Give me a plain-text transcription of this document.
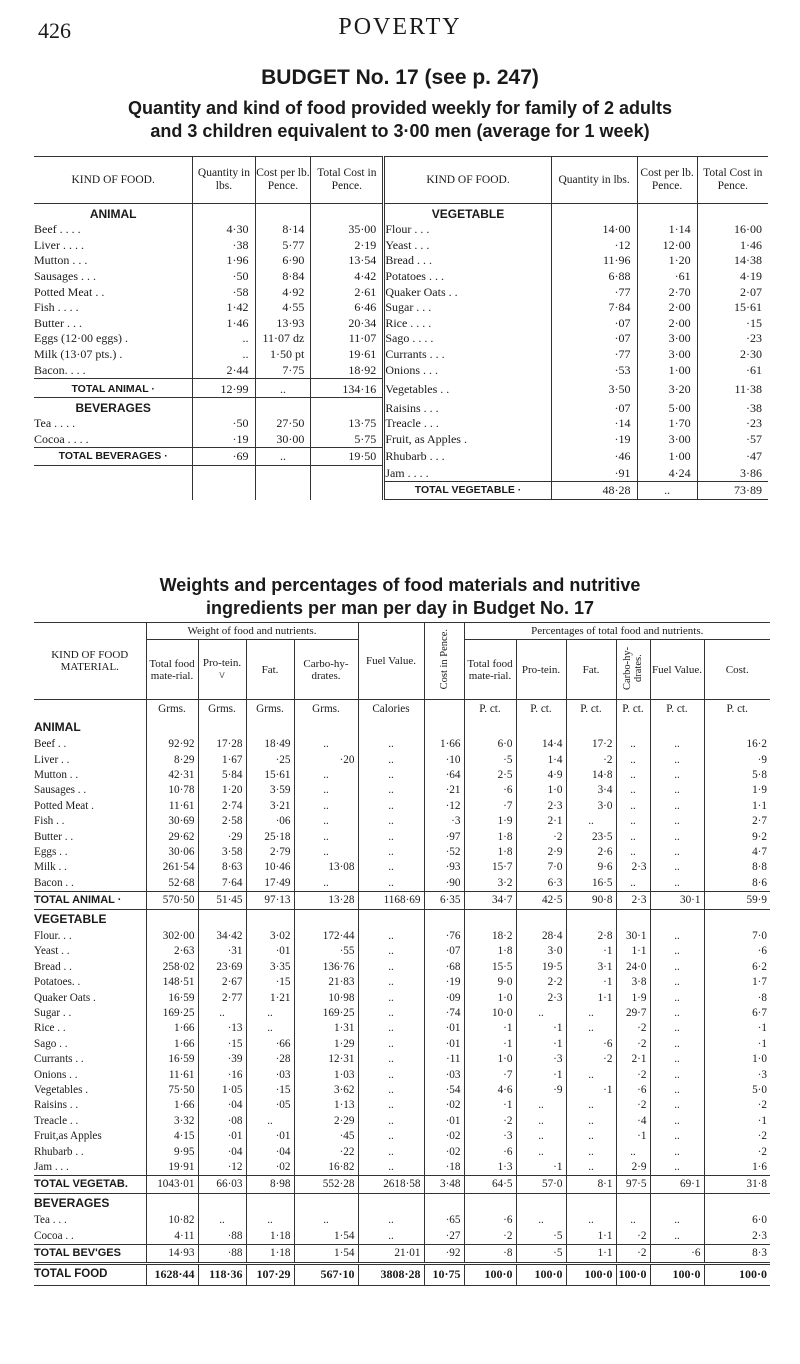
426	POVERTY
BUDGET No. 17 (see p. 247)
Quantity and kind of food provided weekly for family of 2 adults
and 3 children equivalent to 3·00 men (average for 1 week)
KIND OF FOOD.	Quantity in lbs.	Cost per lb. Pence.	Total Cost in Pence.	KIND OF FOOD.	Quantity in lbs.	Cost per lb. Pence.	Total Cost in Pence.
ANIMAL				VEGETABLE			
Beef . . . .	4·30	8·14	35·00	Flour . . .	14·00	1·14	16·00
Liver . . . .	·38	5·77	2·19	Yeast . . .	·12	12·00	1·46
Mutton . . .	1·96	6·90	13·54	Bread . . .	11·96	1·20	14·38
Sausages . . .	·50	8·84	4·42	Potatoes . . .	6·88	·61	4·19
Potted Meat . .	·58	4·92	2·61	Quaker Oats . .	·77	2·70	2·07
Fish . . . .	1·42	4·55	6·46	Sugar . . .	7·84	2·00	15·61
Butter . . .	1·46	13·93	20·34	Rice . . . .	·07	2·00	·15
Eggs (12·00 eggs) .	..	11·07 dz	11·07	Sago . . . .	·07	3·00	·23
Milk (13·07 pts.) .	..	1·50 pt	19·61	Currants . . .	·77	3·00	2·30
Bacon. . . .	2·44	7·75	18·92	Onions . . .	·53	1·00	·61
TOTAL ANIMAL ·	12·99	..	134·16	Vegetables . .	3·50	3·20	11·38
BEVERAGES				Raisins . . .	·07	5·00	·38
Tea . . . .	·50	27·50	13·75	Treacle . . .	·14	1·70	·23
Cocoa . . . .	·19	30·00	5·75	Fruit, as Apples .	·19	3·00	·57
TOTAL BEVERAGES ·	·69	..	19·50	Rhubarb . . .	·46	1·00	·47
				Jam . . . .	·91	4·24	3·86
				TOTAL VEGETABLE ·	48·28	..	73·89
Weights and percentages of food materials and nutritive
ingredients per man per day in Budget No. 17
KIND OF FOOD MATERIAL.	Weight of food and nutrients.				Fuel Value.	Cost in Pence.	Percentages of total food and nutrients.					
	Total food mate-rial.	Pro-tein.
ⴸ	Fat.	Carbo-hy-drates.			Total food mate-rial.	Pro-tein.	Fat.	Carbo-hy-drates.	Fuel Value.	Cost.
	Grms.	Grms.	Grms.	Grms.	Calories		P. ct.	P. ct.	P. ct.	P. ct.	P. ct.	P. ct.
ANIMAL												
Beef . .	92·92	17·28	18·49	..	..	1·66	6·0	14·4	17·2	..	..	16·2
Liver . .	8·29	1·67	·25	·20	..	·10	·5	1·4	·2	..	..	·9
Mutton . .	42·31	5·84	15·61	..	..	·64	2·5	4·9	14·8	..	..	5·8
Sausages . .	10·78	1·20	3·59	..	..	·21	·6	1·0	3·4	..	..	1·9
Potted Meat .	11·61	2·74	3·21	..	..	·12	·7	2·3	3·0	..	..	1·1
Fish . .	30·69	2·58	·06	..	..	·3	1·9	2·1	..	..	..	2·7
Butter . .	29·62	·29	25·18	..	..	·97	1·8	·2	23·5	..	..	9·2
Eggs . .	30·06	3·58	2·79	..	..	·52	1·8	2·9	2·6	..	..	4·7
Milk . .	261·54	8·63	10·46	13·08	..	·93	15·7	7·0	9·6	2·3	..	8·8
Bacon . .	52·68	7·64	17·49	..	..	·90	3·2	6·3	16·5	..	..	8·6
TOTAL ANIMAL ·	570·50	51·45	97·13	13·28	1168·69	6·35	34·7	42·5	90·8	2·3	30·1	59·9
VEGETABLE												
Flour. . .	302·00	34·42	3·02	172·44	..	·76	18·2	28·4	2·8	30·1	..	7·0
Yeast . .	2·63	·31	·01	·55	..	·07	1·8	3·0	·1	1·1	..	·6
Bread . .	258·02	23·69	3·35	136·76	..	·68	15·5	19·5	3·1	24·0	..	6·2
Potatoes. .	148·51	2·67	·15	21·83	..	·19	9·0	2·2	·1	3·8	..	1·7
Quaker Oats .	16·59	2·77	1·21	10·98	..	·09	1·0	2·3	1·1	1·9	..	·8
Sugar . .	169·25	..	..	169·25	..	·74	10·0	..	..	29·7	..	6·7
Rice . .	1·66	·13	..	1·31	..	·01	·1	·1	..	·2	..	·1
Sago . .	1·66	·15	·66	1·29	..	·01	·1	·1	·6	·2	..	·1
Currants . .	16·59	·39	·28	12·31	..	·11	1·0	·3	·2	2·1	..	1·0
Onions . .	11·61	·16	·03	1·03	..	·03	·7	·1	..	·2	..	·3
Vegetables .	75·50	1·05	·15	3·62	..	·54	4·6	·9	·1	·6	..	5·0
Raisins . .	1·66	·04	·05	1·13	..	·02	·1	..	..	·2	..	·2
Treacle . .	3·32	·08	..	2·29	..	·01	·2	..	..	·4	..	·1
Fruit,as Apples	4·15	·01	·01	·45	..	·02	·3	..	..	·1	..	·2
Rhubarb . .	9·95	·04	·04	·22	..	·02	·6	..	..	..	..	·2
Jam . . .	19·91	·12	·02	16·82	..	·18	1·3	·1	..	2·9	..	1·6
TOTAL VEGETAB.	1043·01	66·03	8·98	552·28	2618·58	3·48	64·5	57·0	8·1	97·5	69·1	31·8
BEVERAGES												
Tea . . .	10·82	..	..	..	..	·65	·6	..	..	..	..	6·0
Cocoa . .	4·11	·88	1·18	1·54	..	·27	·2	·5	1·1	·2	..	2·3
TOTAL BEV'GES	14·93	·88	1·18	1·54	21·01	·92	·8	·5	1·1	·2	·6	8·3
TOTAL FOOD	1628·44	118·36	107·29	567·10	3808·28	10·75	100·0	100·0	100·0	100·0	100·0	100·0
